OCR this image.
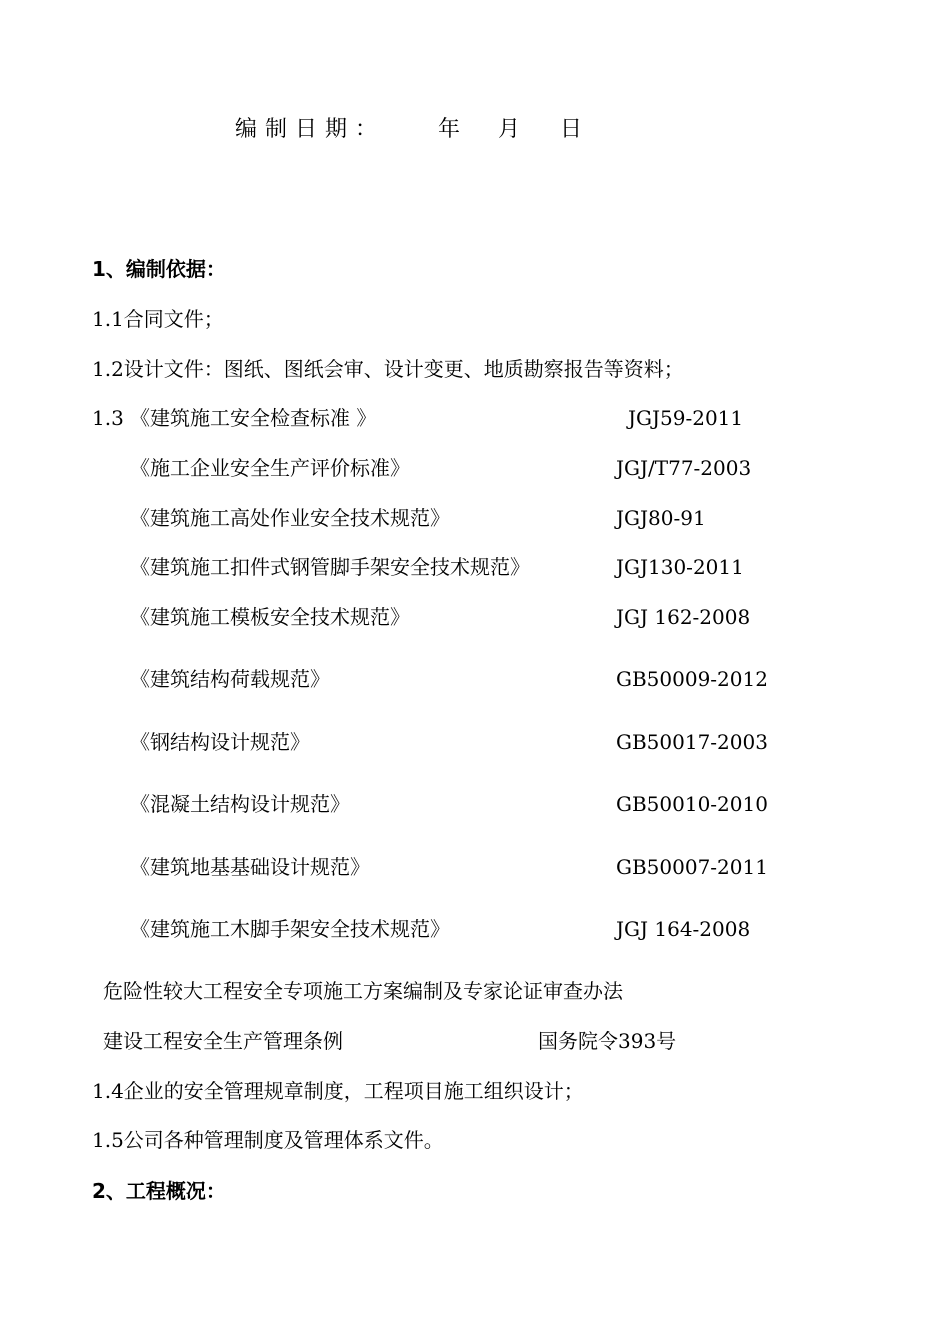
编制日期： 年 月 日
1、编制依据：
1.1合同文件；
1.2设计文件：图纸、图纸会审、设计变更、地质勘察报告等资料；
1.3 《建筑施工安全检查标准 》	JGJ59-2011
《施工企业安全生产评价标准》	JGJ/T77-2003
《建筑施工高处作业安全技术规范》	JGJ80-91
《建筑施工扣件式钢管脚手架安全技术规范》	JGJ130-2011
《建筑施工模板安全技术规范》	JGJ 162-2008
《建筑结构荷载规范》	GB50009-2012
《钢结构设计规范》	GB50017-2003
《混凝土结构设计规范》	GB50010-2010
《建筑地基基础设计规范》	GB50007-2011
《建筑施工木脚手架安全技术规范》	JGJ 164-2008
危险性较大工程安全专项施工方案编制及专家论证审查办法
建设工程安全生产管理条例	国务院令393号
1.4企业的安全管理规章制度，工程项目施工组织设计；
1.5公司各种管理制度及管理体系文件。
2、工程概况：
